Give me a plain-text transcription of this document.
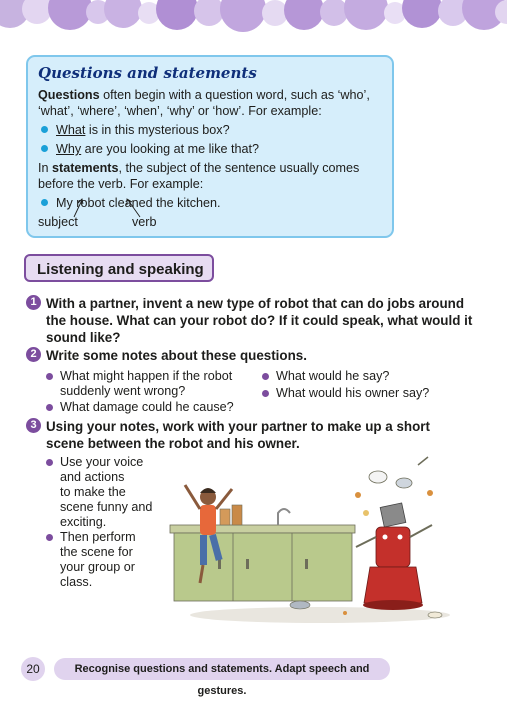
Questions and statements

Questions often begin with a question word, such as ‘who’, ‘what’, ‘where’, ‘when’, ‘why’ or ‘how’. For example:

What is in this mysterious box?
Why are you looking at me like that?

In statements, the subject of the sentence usually comes before the verb. For example:

My robot cleaned the kitchen.
subject	verb
Listening and speaking
1 With a partner, invent a new type of robot that can do jobs around
the house. What can your robot do? If it could speak, what would it
sound like?
2 Write some notes about these questions.
What might happen if the robot
suddenly went wrong?
What damage could he cause?
What would he say?
What would his owner say?
3 Using your notes, work with your partner to make up a short
scene between the robot and his owner.
Use your voice
and actions
to make the
scene funny and
exciting.
Then perform
the scene for
your group or
class.
20	Recognise questions and statements. Adapt speech and gestures.
